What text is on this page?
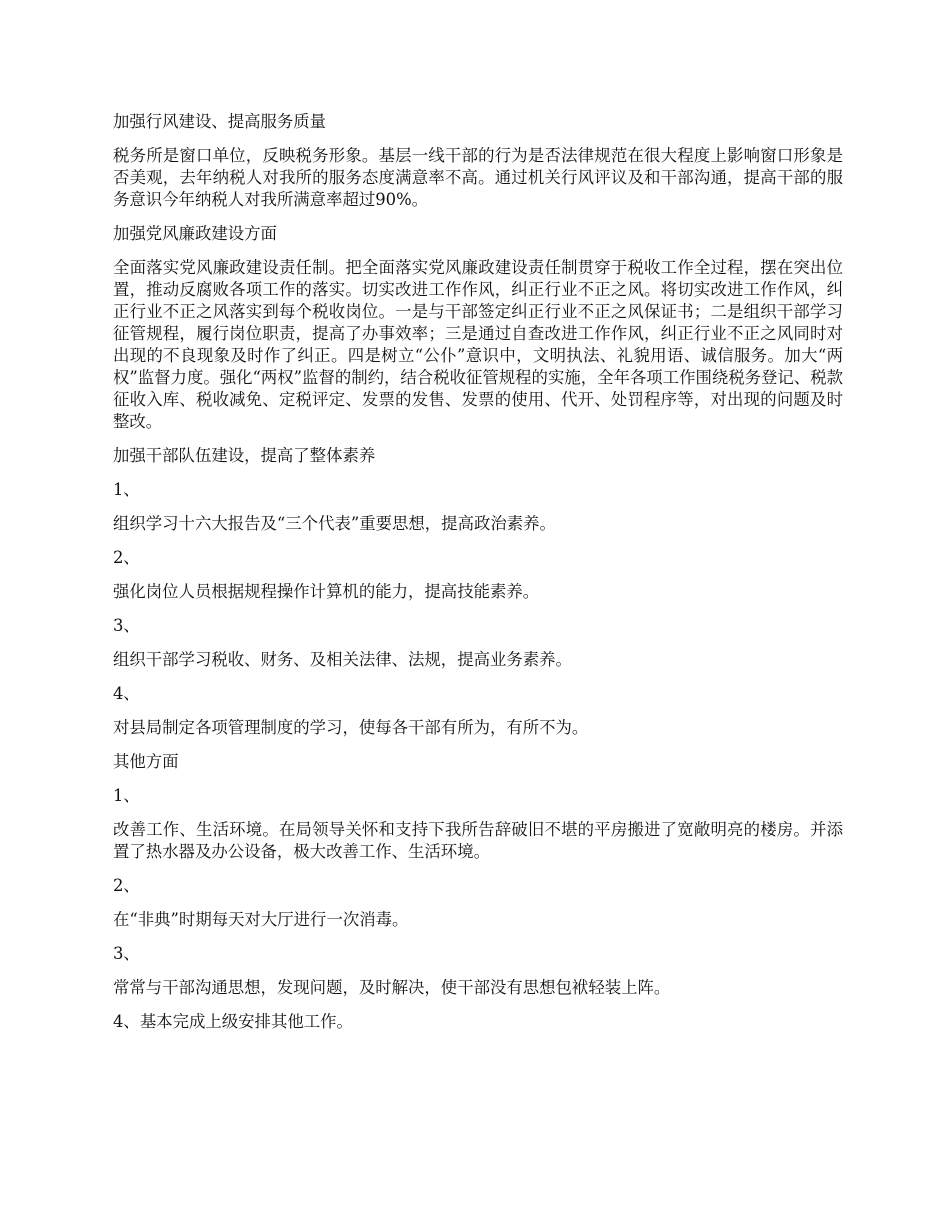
加强行风建设、提高服务质量

税务所是窗口单位，反映税务形象。基层一线干部的行为是否法律规范在很大程度上影响窗口形象是否美观，去年纳税人对我所的服务态度满意率不高。通过机关行风评议及和干部沟通，提高干部的服务意识今年纳税人对我所满意率超过90%。

加强党风廉政建设方面

全面落实党风廉政建设责任制。把全面落实党风廉政建设责任制贯穿于税收工作全过程，摆在突出位置，推动反腐败各项工作的落实。切实改进工作作风，纠正行业不正之风。将切实改进工作作风，纠正行业不正之风落实到每个税收岗位。一是与干部签定纠正行业不正之风保证书；二是组织干部学习征管规程，履行岗位职责，提高了办事效率；三是通过自查改进工作作风，纠正行业不正之风同时对出现的不良现象及时作了纠正。四是树立“公仆”意识中，文明执法、礼貌用语、诚信服务。加大“两权”监督力度。强化“两权”监督的制约，结合税收征管规程的实施，全年各项工作围绕税务登记、税款征收入库、税收减免、定税评定、发票的发售、发票的使用、代开、处罚程序等，对出现的问题及时整改。

加强干部队伍建设，提高了整体素养

1、

组织学习十六大报告及“三个代表”重要思想，提高政治素养。

2、

强化岗位人员根据规程操作计算机的能力，提高技能素养。

3、

组织干部学习税收、财务、及相关法律、法规，提高业务素养。

4、

对县局制定各项管理制度的学习，使每各干部有所为，有所不为。

其他方面

1、

改善工作、生活环境。在局领导关怀和支持下我所告辞破旧不堪的平房搬进了宽敞明亮的楼房。并添置了热水器及办公设备，极大改善工作、生活环境。

2、

在“非典”时期每天对大厅进行一次消毒。

3、

常常与干部沟通思想，发现问题，及时解决，使干部没有思想包袱轻装上阵。

4、基本完成上级安排其他工作。
